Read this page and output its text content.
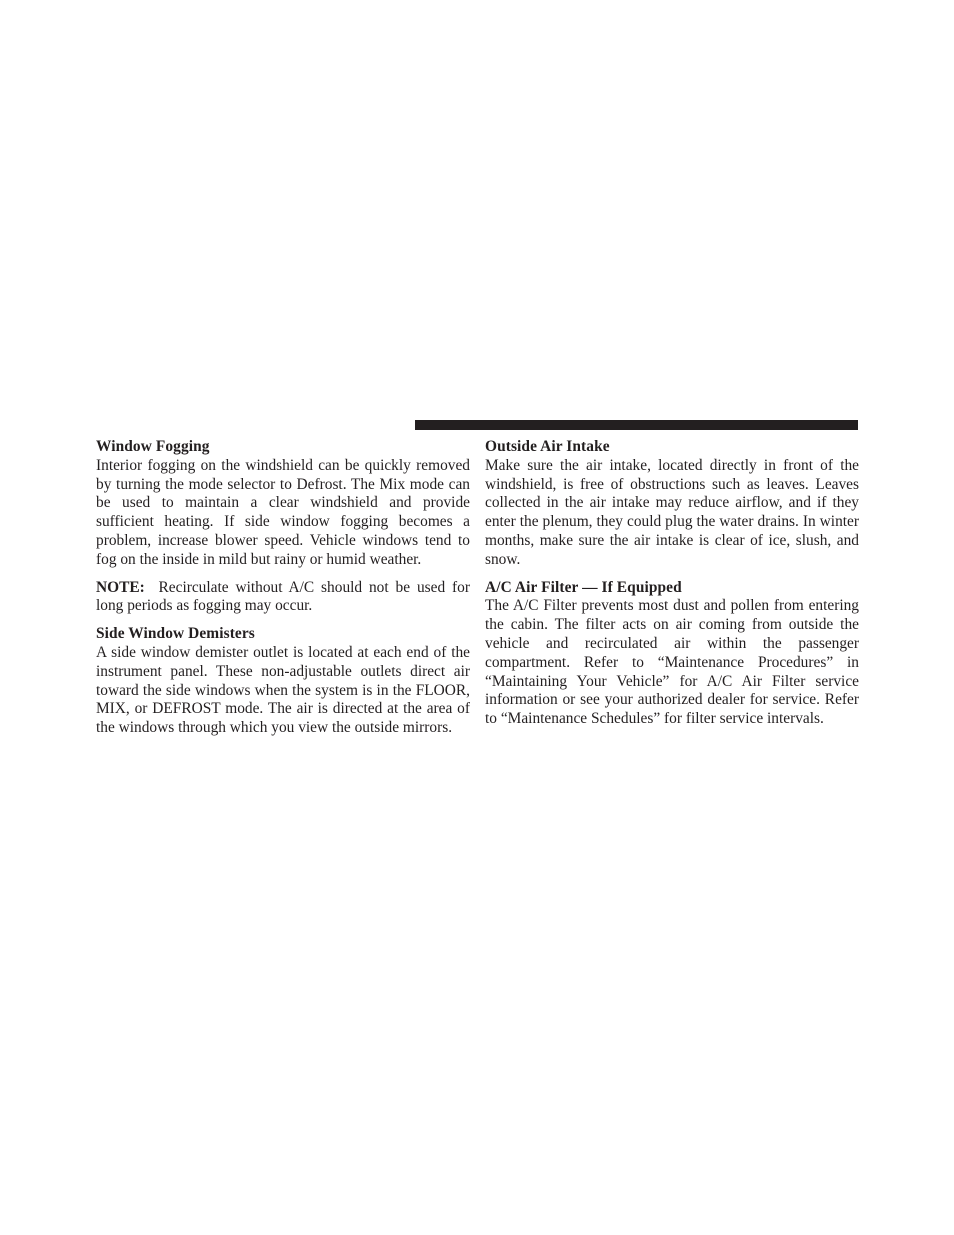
Window Fogging

Interior fogging on the windshield can be quickly removed by turning the mode selector to Defrost. The Mix mode can be used to maintain a clear windshield and provide sufficient heating. If side window fogging becomes a problem, increase blower speed. Vehicle windows tend to fog on the inside in mild but rainy or humid weather.

NOTE: Recirculate without A/C should not be used for long periods as fogging may occur.

Side Window Demisters

A side window demister outlet is located at each end of the instrument panel. These non-adjustable outlets direct air toward the side windows when the system is in the FLOOR, MIX, or DEFROST mode. The air is directed at the area of the windows through which you view the outside mirrors.

Outside Air Intake

Make sure the air intake, located directly in front of the windshield, is free of obstructions such as leaves. Leaves collected in the air intake may reduce airflow, and if they enter the plenum, they could plug the water drains. In winter months, make sure the air intake is clear of ice, slush, and snow.

A/C Air Filter — If Equipped

The A/C Filter prevents most dust and pollen from entering the cabin. The filter acts on air coming from outside the vehicle and recirculated air within the passenger compartment. Refer to “Maintenance Procedures” in “Maintaining Your Vehicle” for A/C Air Filter service information or see your authorized dealer for service. Refer to “Maintenance Schedules” for filter service intervals.
